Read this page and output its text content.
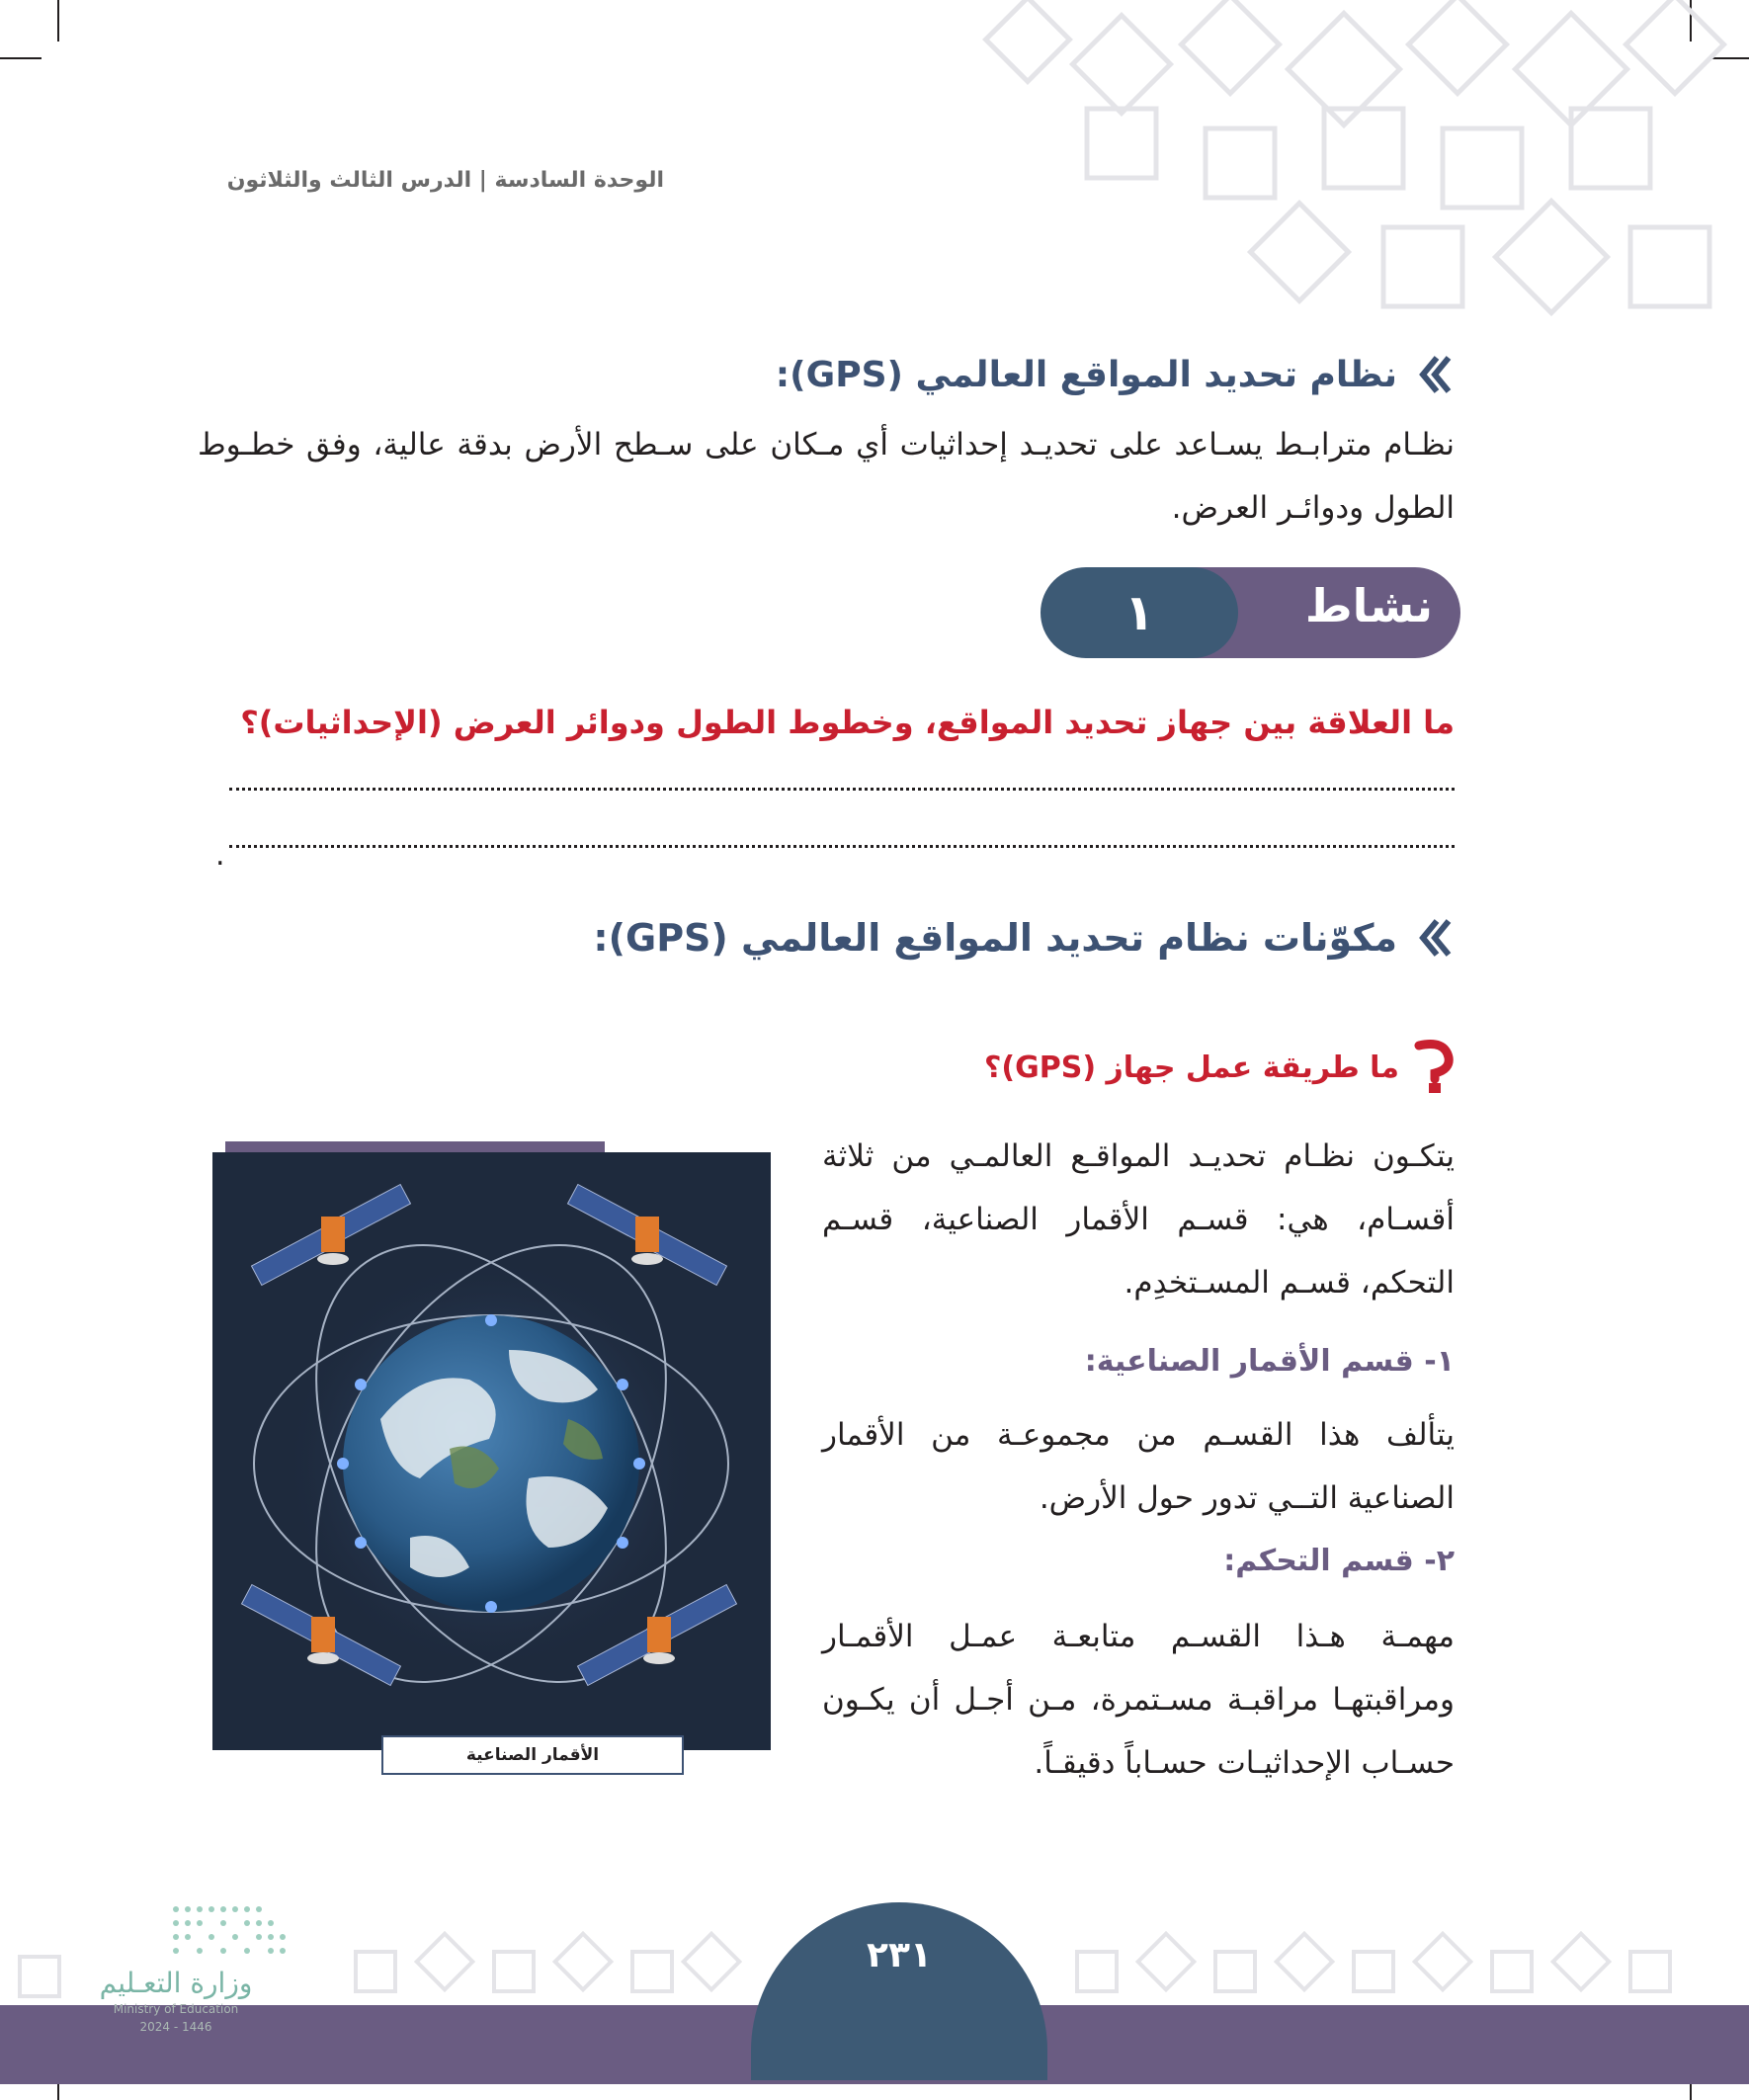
الوحدة السادسة | الدرس الثالث والثلاثون
نظام تحديد المواقع العالمي (GPS):

نظـام مترابـط يسـاعد على تحديـد إحداثيات أي مـكان على سـطح الأرض بدقة عالية، وفق خطـوط الطول ودوائـر العرض.

نشاط
١
ما العلاقة بين جهاز تحديد المواقع، وخطوط الطول ودوائر العرض (الإحداثيات)؟
.
مكوّنات نظام تحديد المواقع العالمي (GPS):
ما طريقة عمل جهاز (GPS)؟

يتكـون نظـام تحديـد المواقـع العالمـي من ثلاثة أقسـام، هي: قسـم الأقمار الصناعية، قسـم التحكم، قسـم المسـتخدِم.

١- قسم الأقمار الصناعية:

يتألف هذا القسـم من مجموعـة من الأقمار الصناعية التــي تدور حول الأرض.

٢- قسم التحكم:

مهمـة هـذا القسـم متابعـة عمـل الأقمـار ومراقبتهـا مراقبـة مسـتمرة، مـن أجـل أن يكـون حسـاب الإحداثيـات حسـاباً دقيقـاً.

الأقمار الصناعية
٢٣١
وزارة التعـليم
Ministry of Education
2024 - 1446
